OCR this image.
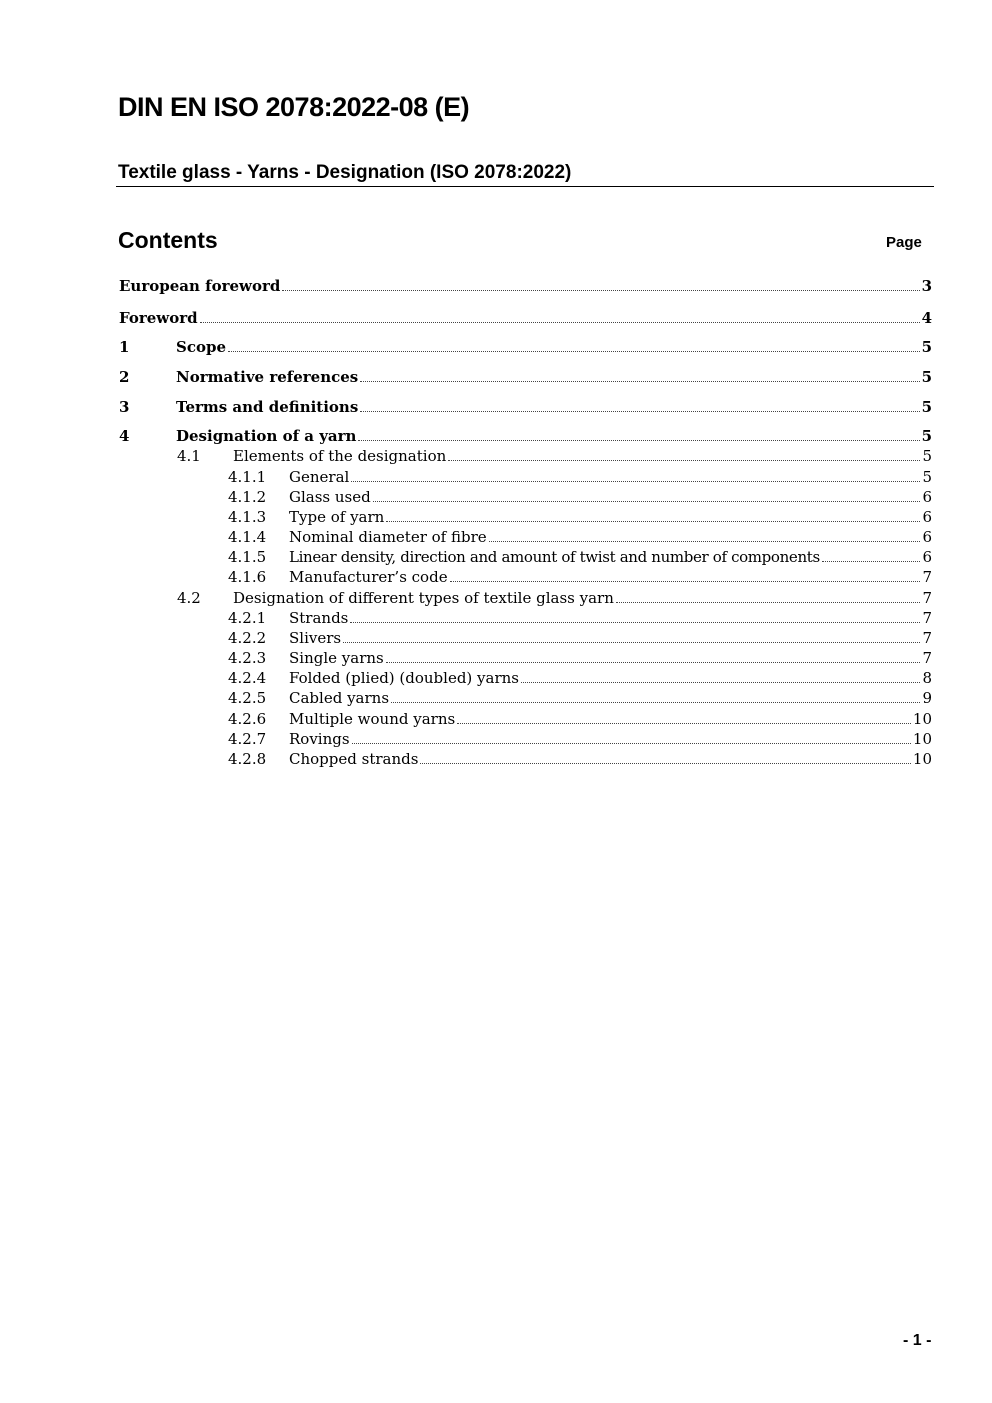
DIN EN ISO 2078:2022-08 (E)
Textile glass - Yarns - Designation (ISO 2078:2022)
Contents	Page
European foreword	3
Foreword	4
1	Scope	5
2	Normative references	5
3	Terms and definitions	5
4	Designation of a yarn	5
4.1	Elements of the designation	5
4.1.1	General	5
4.1.2	Glass used	6
4.1.3	Type of yarn	6
4.1.4	Nominal diameter of fibre	6
4.1.5	Linear density, direction and amount of twist and number of components	6
4.1.6	Manufacturer’s code	7
4.2	Designation of different types of textile glass yarn	7
4.2.1	Strands	7
4.2.2	Slivers	7
4.2.3	Single yarns	7
4.2.4	Folded (plied) (doubled) yarns	8
4.2.5	Cabled yarns	9
4.2.6	Multiple wound yarns	10
4.2.7	Rovings	10
4.2.8	Chopped strands	10
- 1 -
